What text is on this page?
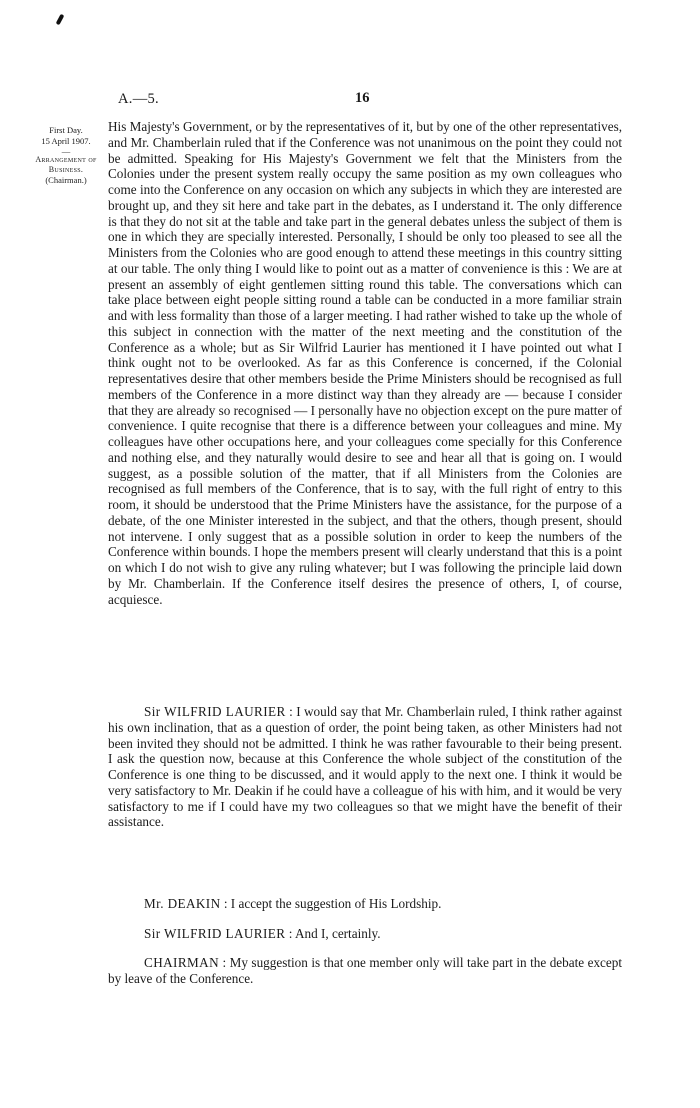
A.—5.	16
First Day.
15 April 1907.
—
Arrangement of Business.
(Chairman.)

His Majesty's Government, or by the representatives of it, but by one of the other representatives, and Mr. Chamberlain ruled that if the Conference was not unanimous on the point they could not be admitted. Speaking for His Majesty's Government we felt that the Ministers from the Colonies under the present system really occupy the same position as my own colleagues who come into the Conference on any occasion on which any subjects in which they are interested are brought up, and they sit here and take part in the debates, as I understand it. The only difference is that they do not sit at the table and take part in the general debates unless the subject of them is one in which they are specially interested. Personally, I should be only too pleased to see all the Ministers from the Colonies who are good enough to attend these meetings in this country sitting at our table. The only thing I would like to point out as a matter of convenience is this : We are at present an assembly of eight gentlemen sitting round this table. The conversations which can take place between eight people sitting round a table can be conducted in a more familiar strain and with less formality than those of a larger meeting. I had rather wished to take up the whole of this subject in connection with the matter of the next meeting and the constitution of the Conference as a whole; but as Sir Wilfrid Laurier has mentioned it I have pointed out what I think ought not to be overlooked. As far as this Conference is concerned, if the Colonial representatives desire that other members beside the Prime Ministers should be recognised as full members of the Conference in a more distinct way than they already are — because I consider that they are already so recognised — I personally have no objection except on the pure matter of convenience. I quite recognise that there is a difference between your colleagues and mine. My colleagues have other occupations here, and your colleagues come specially for this Conference and nothing else, and they naturally would desire to see and hear all that is going on. I would suggest, as a possible solution of the matter, that if all Ministers from the Colonies are recognised as full members of the Conference, that is to say, with the full right of entry to this room, it should be understood that the Prime Ministers have the assistance, for the purpose of a debate, of the one Minister interested in the subject, and that the others, though present, should not intervene. I only suggest that as a possible solution in order to keep the numbers of the Conference within bounds. I hope the members present will clearly understand that this is a point on which I do not wish to give any ruling whatever; but I was following the principle laid down by Mr. Chamberlain. If the Conference itself desires the presence of others, I, of course, acquiesce.

Sir WILFRID LAURIER : I would say that Mr. Chamberlain ruled, I think rather against his own inclination, that as a question of order, the point being taken, as other Ministers had not been invited they should not be admitted. I think he was rather favourable to their being present. I ask the question now, because at this Conference the whole subject of the constitution of the Conference is one thing to be discussed, and it would apply to the next one. I think it would be very satisfactory to Mr. Deakin if he could have a colleague of his with him, and it would be very satisfactory to me if I could have my two colleagues so that we might have the benefit of their assistance.

Mr. DEAKIN : I accept the suggestion of His Lordship.

Sir WILFRID LAURIER : And I, certainly.

CHAIRMAN : My suggestion is that one member only will take part in the debate except by leave of the Conference.
